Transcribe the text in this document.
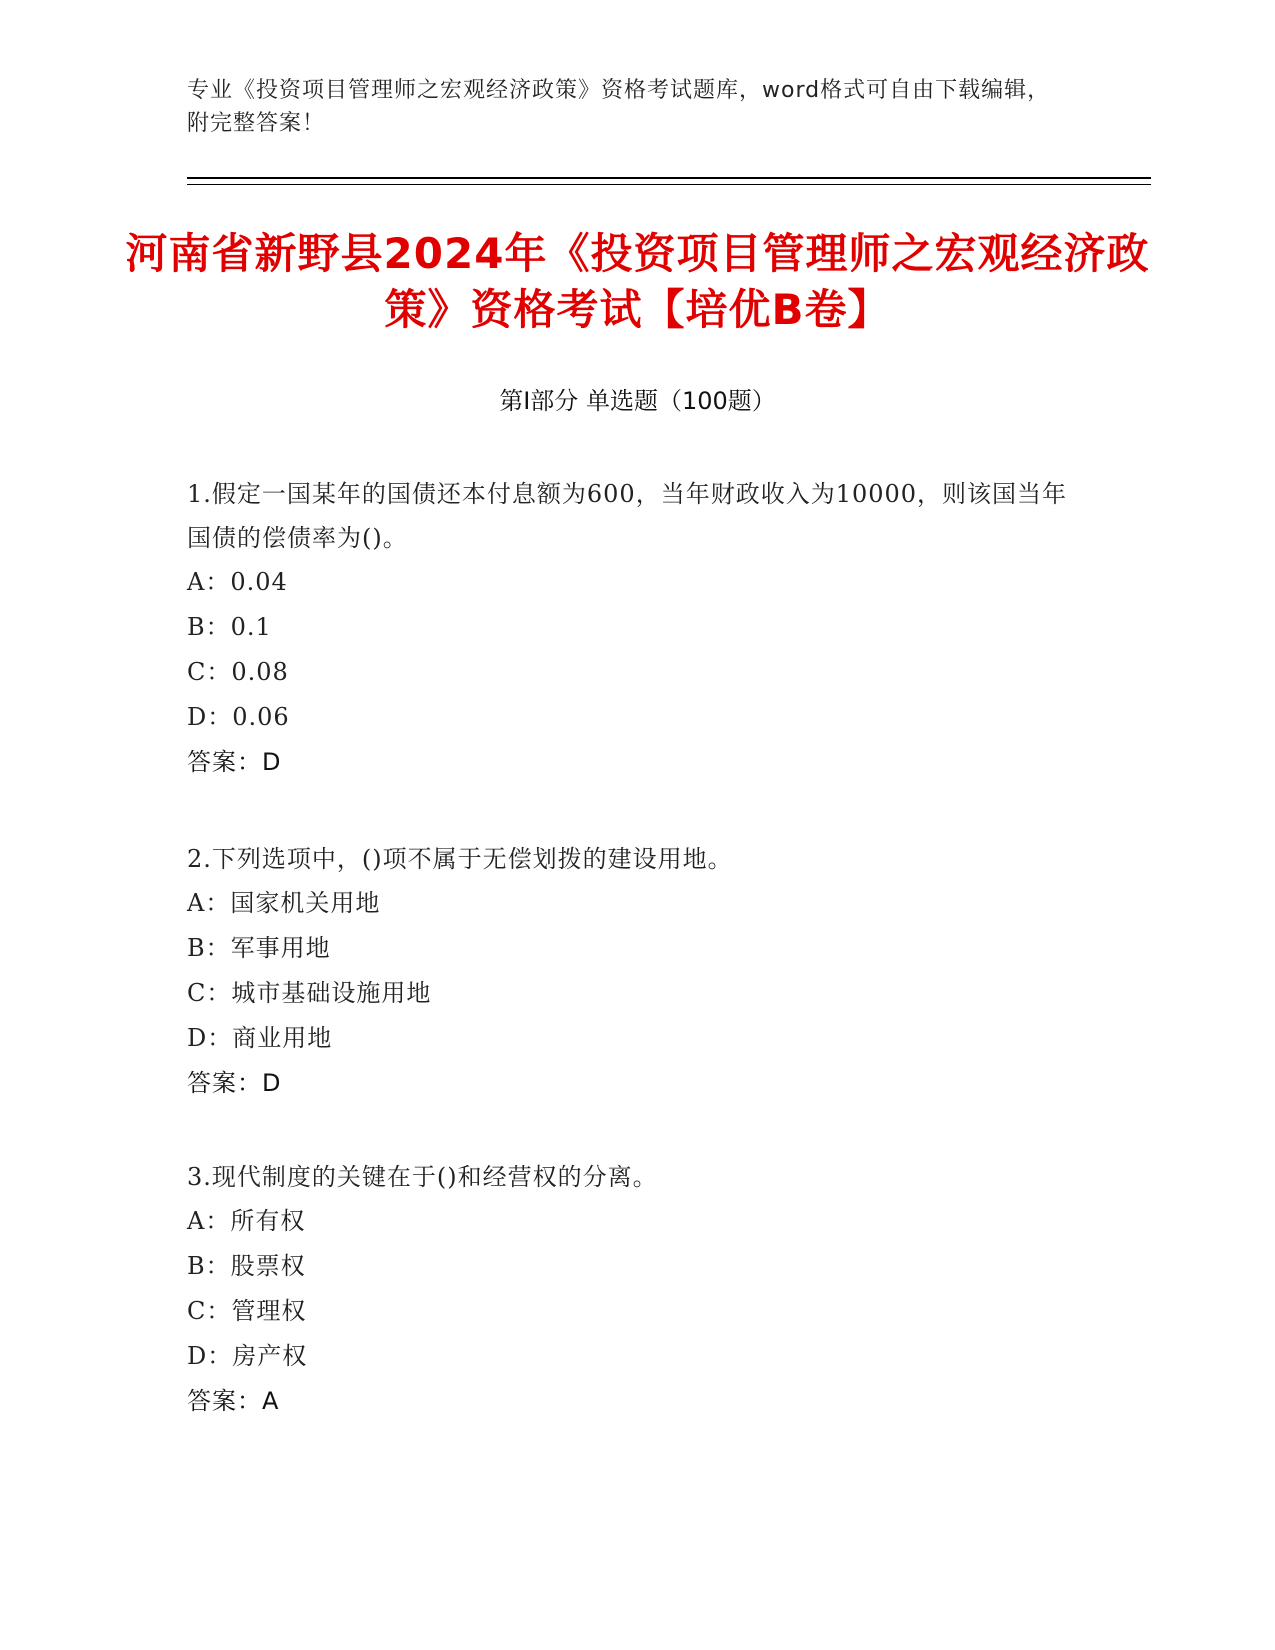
专业《投资项目管理师之宏观经济政策》资格考试题库，word格式可自由下载编辑，附完整答案！
河南省新野县2024年《投资项目管理师之宏观经济政策》资格考试【培优B卷】
第Ⅰ部分 单选题（100题）
1.假定一国某年的国债还本付息额为600，当年财政收入为10000，则该国当年国债的偿债率为()。
A：0.04
B：0.1
C：0.08
D：0.06
答案：D
2.下列选项中，()项不属于无偿划拨的建设用地。
A：国家机关用地
B：军事用地
C：城市基础设施用地
D：商业用地
答案：D
3.现代制度的关键在于()和经营权的分离。
A：所有权
B：股票权
C：管理权
D：房产权
答案：A
